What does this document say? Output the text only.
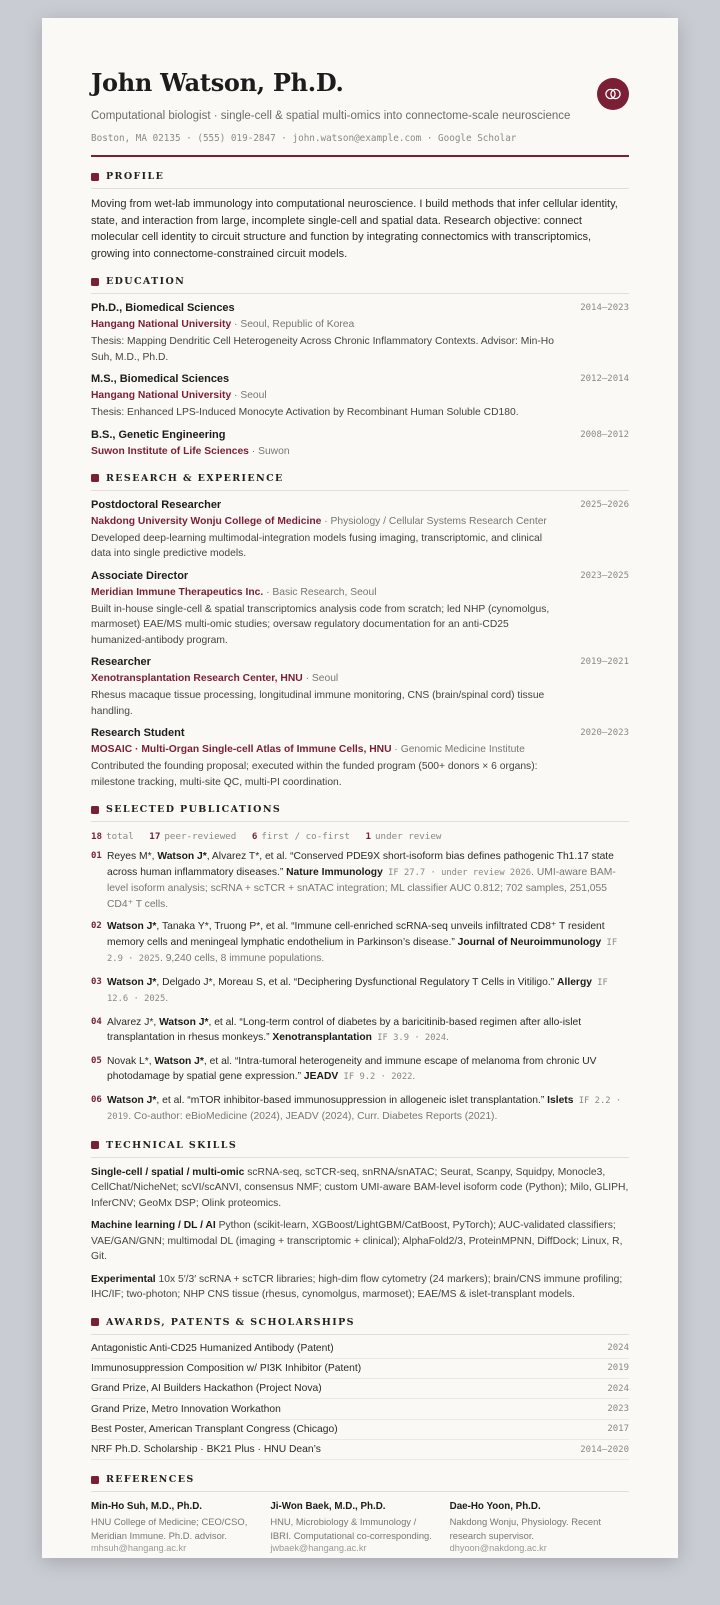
John Watson, Ph.D.
Computational biologist · single-cell & spatial multi-omics into connectome-scale neuroscience
Boston, MA 02135 · (555) 019-2847 · john.watson@example.com · Google Scholar
PROFILE
Moving from wet-lab immunology into computational neuroscience. I build methods that infer cellular identity, state, and interaction from large, incomplete single-cell and spatial data. Research objective: connect molecular cell identity to circuit structure and function by integrating connectomics with transcriptomics, growing into connectome-constrained circuit models.
EDUCATION
Ph.D., Biomedical Sciences
Hangang National University · Seoul, Republic of Korea
Thesis: Mapping Dendritic Cell Heterogeneity Across Chronic Inflammatory Contexts. Advisor: Min-Ho Suh, M.D., Ph.D.
2014–2023
M.S., Biomedical Sciences
Hangang National University · Seoul
Thesis: Enhanced LPS-Induced Monocyte Activation by Recombinant Human Soluble CD180.
2012–2014
B.S., Genetic Engineering
Suwon Institute of Life Sciences · Suwon
2008–2012
RESEARCH & EXPERIENCE
Postdoctoral Researcher
Nakdong University Wonju College of Medicine · Physiology / Cellular Systems Research Center
Developed deep-learning multimodal-integration models fusing imaging, transcriptomic, and clinical data into single predictive models.
2025–2026
Associate Director
Meridian Immune Therapeutics Inc. · Basic Research, Seoul
Built in-house single-cell & spatial transcriptomics analysis code from scratch; led NHP (cynomolgus, marmoset) EAE/MS multi-omic studies; oversaw regulatory documentation for an anti-CD25 humanized-antibody program.
2023–2025
Researcher
Xenotransplantation Research Center, HNU · Seoul
Rhesus macaque tissue processing, longitudinal immune monitoring, CNS (brain/spinal cord) tissue handling.
2019–2021
Research Student
MOSAIC · Multi-Organ Single-cell Atlas of Immune Cells, HNU · Genomic Medicine Institute
Contributed the founding proposal; executed within the funded program (500+ donors × 6 organs): milestone tracking, multi-site QC, multi-PI coordination.
2020–2023
SELECTED PUBLICATIONS
18 total 17 peer-reviewed 6 first / co-first 1 under review
01 Reyes M*, Watson J*, Alvarez T*, et al. “Conserved PDE9X short-isoform bias defines pathogenic Th1.17 state across human inflammatory diseases.” Nature Immunology IF 27.7 · under review 2026. UMI-aware BAM-level isoform analysis; scRNA + scTCR + snATAC integration; ML classifier AUC 0.812; 702 samples, 251,055 CD4⁺ T cells.
02 Watson J*, Tanaka Y*, Truong P*, et al. “Immune cell-enriched scRNA-seq unveils infiltrated CD8⁺ T resident memory cells and meningeal lymphatic endothelium in Parkinson’s disease.” Journal of Neuroimmunology IF 2.9 · 2025. 9,240 cells, 8 immune populations.
03 Watson J*, Delgado J*, Moreau S, et al. “Deciphering Dysfunctional Regulatory T Cells in Vitiligo.” Allergy IF 12.6 · 2025.
04 Alvarez J*, Watson J*, et al. “Long-term control of diabetes by a baricitinib-based regimen after allo-islet transplantation in rhesus monkeys.” Xenotransplantation IF 3.9 · 2024.
05 Novak L*, Watson J*, et al. “Intra-tumoral heterogeneity and immune escape of melanoma from chronic UV photodamage by spatial gene expression.” JEADV IF 9.2 · 2022.
06 Watson J*, et al. “mTOR inhibitor-based immunosuppression in allogeneic islet transplantation.” Islets IF 2.2 · 2019. Co-author: eBioMedicine (2024), JEADV (2024), Curr. Diabetes Reports (2021).
TECHNICAL SKILLS
Single-cell / spatial / multi-omic scRNA-seq, scTCR-seq, snRNA/snATAC; Seurat, Scanpy, Squidpy, Monocle3, CellChat/NicheNet; scVI/scANVI, consensus NMF; custom UMI-aware BAM-level isoform code (Python); Milo, GLIPH, InferCNV; GeoMx DSP; Olink proteomics.
Machine learning / DL / AI Python (scikit-learn, XGBoost/LightGBM/CatBoost, PyTorch); AUC-validated classifiers; VAE/GAN/GNN; multimodal DL (imaging + transcriptomic + clinical); AlphaFold2/3, ProteinMPNN, DiffDock; Linux, R, Git.
Experimental 10x 5′/3′ scRNA + scTCR libraries; high-dim flow cytometry (24 markers); brain/CNS immune profiling; IHC/IF; two-photon; NHP CNS tissue (rhesus, cynomolgus, marmoset); EAE/MS & islet-transplant models.
AWARDS, PATENTS & SCHOLARSHIPS
Antagonistic Anti-CD25 Humanized Antibody (Patent)	2024
Immunosuppression Composition w/ PI3K Inhibitor (Patent)	2019
Grand Prize, AI Builders Hackathon (Project Nova)	2024
Grand Prize, Metro Innovation Workathon	2023
Best Poster, American Transplant Congress (Chicago)	2017
NRF Ph.D. Scholarship · BK21 Plus · HNU Dean’s	2014–2020
REFERENCES
Min-Ho Suh, M.D., Ph.D.
HNU College of Medicine; CEO/CSO, Meridian Immune. Ph.D. advisor.
mhsuh@hangang.ac.kr
Ji-Won Baek, M.D., Ph.D.
HNU, Microbiology & Immunology / IBRI. Computational co-corresponding.
jwbaek@hangang.ac.kr
Dae-Ho Yoon, Ph.D.
Nakdong Wonju, Physiology. Recent research supervisor.
dhyoon@nakdong.ac.kr
